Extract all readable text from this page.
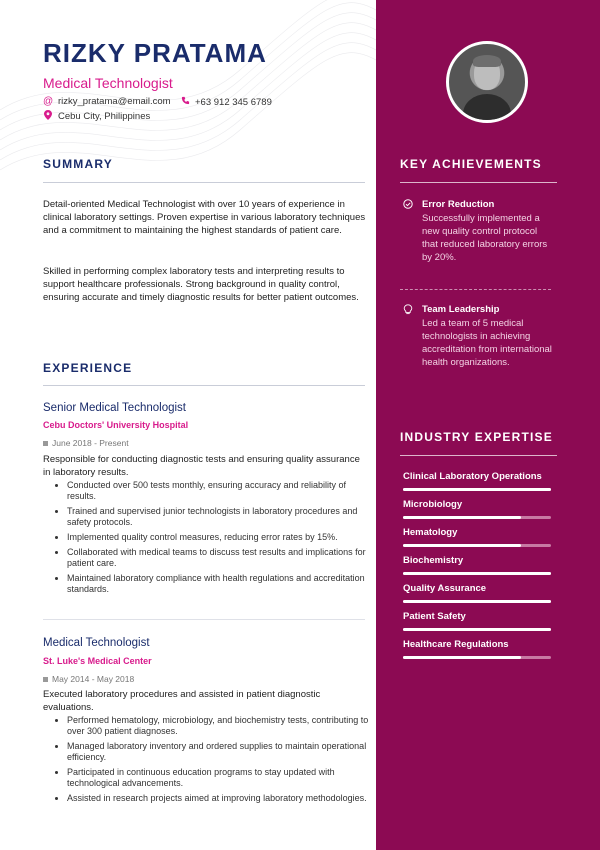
RIZKY PRATAMA
Medical Technologist
@ rizky_pratama@email.com	+63 912 345 6789
Cebu City, Philippines
SUMMARY
Detail-oriented Medical Technologist with over 10 years of experience in clinical laboratory settings. Proven expertise in various laboratory techniques and a commitment to maintaining the highest standards of patient care.
Skilled in performing complex laboratory tests and interpreting results to support healthcare professionals. Strong background in quality control, ensuring accurate and timely diagnostic results for better patient outcomes.
EXPERIENCE
Senior Medical Technologist
Cebu Doctors' University Hospital
June 2018 - Present
Responsible for conducting diagnostic tests and ensuring quality assurance in laboratory results.
Conducted over 500 tests monthly, ensuring accuracy and reliability of results.
Trained and supervised junior technologists in laboratory procedures and safety protocols.
Implemented quality control measures, reducing error rates by 15%.
Collaborated with medical teams to discuss test results and implications for patient care.
Maintained laboratory compliance with health regulations and accreditation standards.
Medical Technologist
St. Luke's Medical Center
May 2014 - May 2018
Executed laboratory procedures and assisted in patient diagnostic evaluations.
Performed hematology, microbiology, and biochemistry tests, contributing to over 300 patient diagnoses.
Managed laboratory inventory and ordered supplies to maintain operational efficiency.
Participated in continuous education programs to stay updated with technological advancements.
Assisted in research projects aimed at improving laboratory methodologies.
KEY ACHIEVEMENTS
Error Reduction
Successfully implemented a new quality control protocol that reduced laboratory errors by 20%.
Team Leadership
Led a team of 5 medical technologists in achieving accreditation from international health organizations.
INDUSTRY EXPERTISE
Clinical Laboratory Operations
Microbiology
Hematology
Biochemistry
Quality Assurance
Patient Safety
Healthcare Regulations
